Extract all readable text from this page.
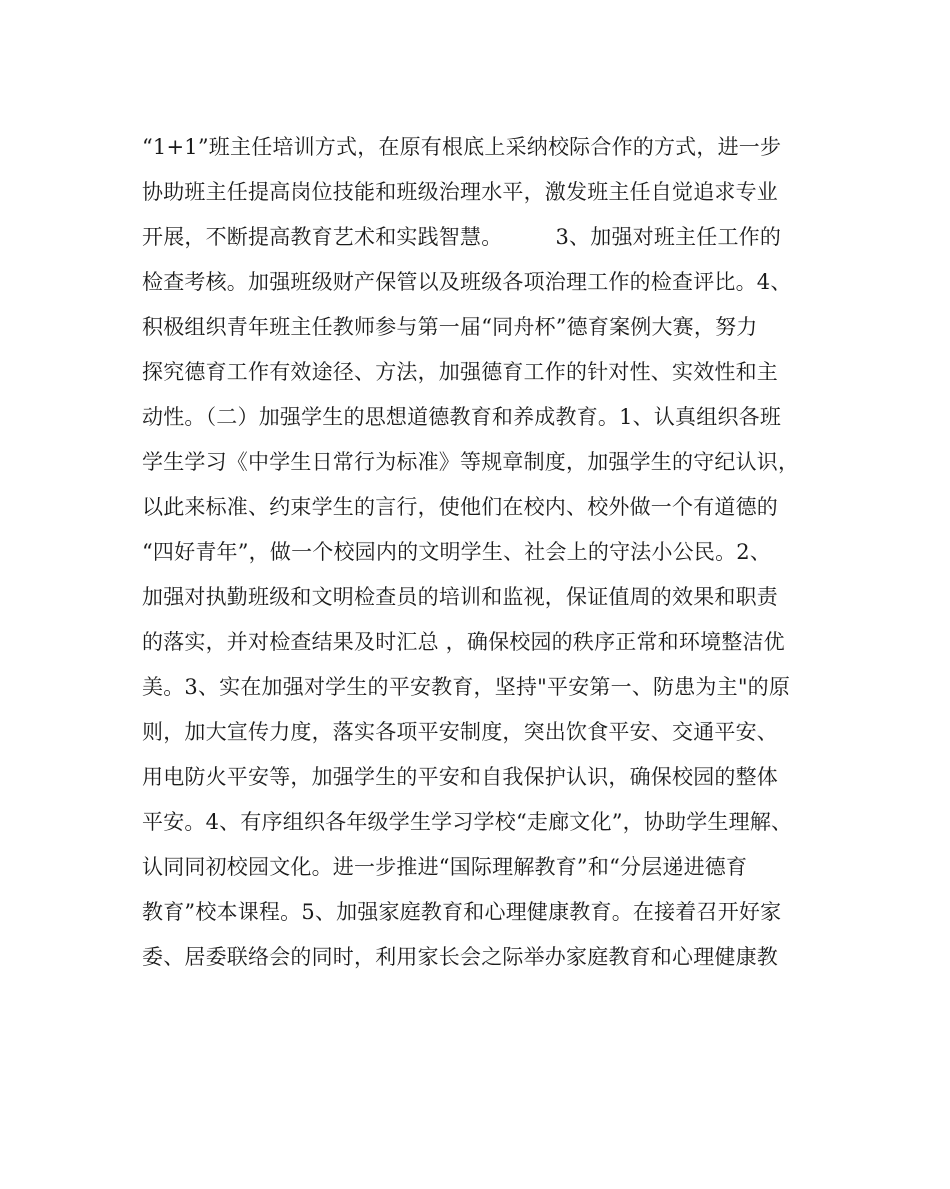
“1+1”班主任培训方式，在原有根底上采纳校际合作的方式，进一步
协助班主任提高岗位技能和班级治理水平，激发班主任自觉追求专业
开展，不断提高教育艺术和实践智慧。　　　3、加强对班主任工作的
检查考核。加强班级财产保管以及班级各项治理工作的检查评比。4、
积极组织青年班主任教师参与第一届“同舟杯”德育案例大赛，努力
探究德育工作有效途径、方法，加强德育工作的针对性、实效性和主
动性。（二）加强学生的思想道德教育和养成教育。1、认真组织各班
学生学习《中学生日常行为标准》等规章制度，加强学生的守纪认识，
以此来标准、约束学生的言行，使他们在校内、校外做一个有道德的
“四好青年”，做一个校园内的文明学生、社会上的守法小公民。2、
加强对执勤班级和文明检查员的培训和监视，保证值周的效果和职责
的落实，并对检查结果及时汇总 ，确保校园的秩序正常和环境整洁优
美。3、实在加强对学生的平安教育，坚持"平安第一、防患为主"的原
则，加大宣传力度，落实各项平安制度，突出饮食平安、交通平安、
用电防火平安等，加强学生的平安和自我保护认识，确保校园的整体
平安。4、有序组织各年级学生学习学校“走廊文化”，协助学生理解、
认同同初校园文化。进一步推进“国际理解教育”和“分层递进德育
教育”校本课程。5、加强家庭教育和心理健康教育。在接着召开好家
委、居委联络会的同时，利用家长会之际举办家庭教育和心理健康教
